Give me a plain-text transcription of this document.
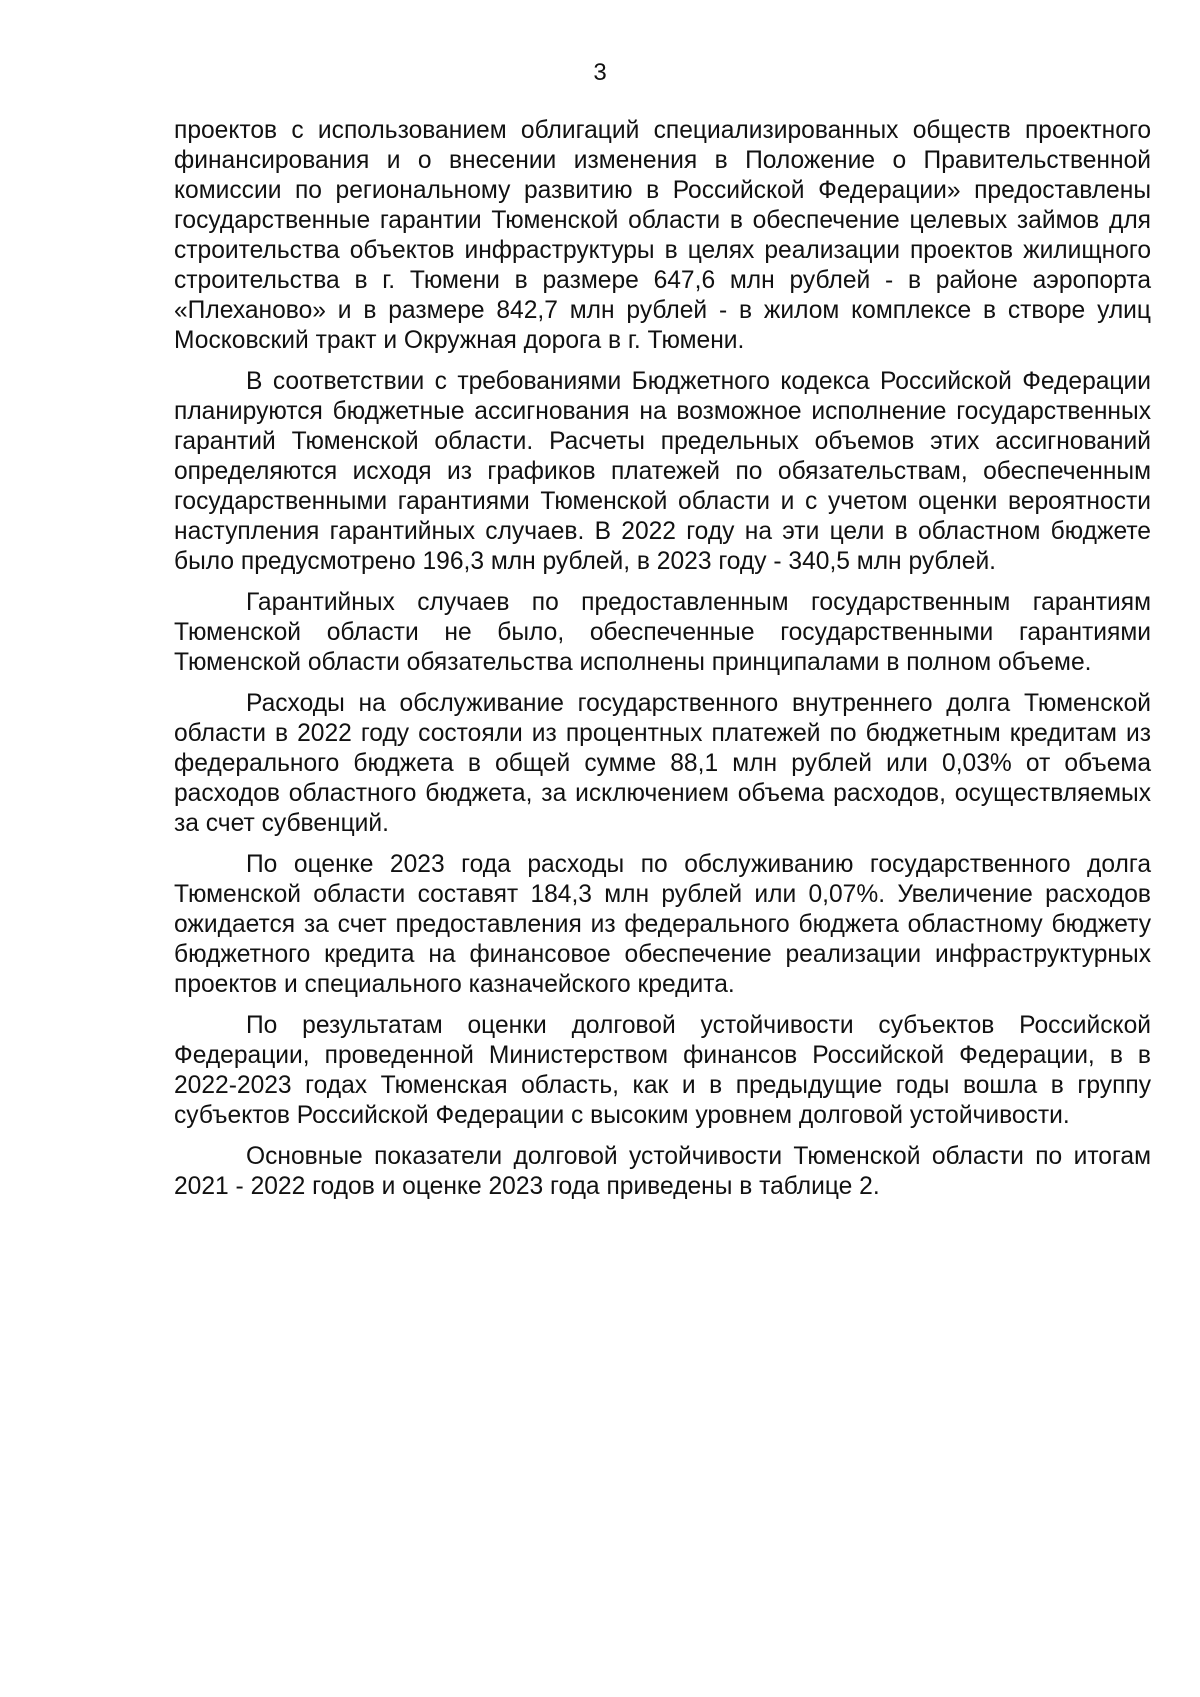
3

проектов с использованием облигаций специализированных обществ проектного финансирования и о внесении изменения в Положение о Правительственной комиссии по региональному развитию в Российской Федерации» предоставлены государственные гарантии Тюменской области в обеспечение целевых займов для строительства объектов инфраструктуры в целях реализации проектов жилищного строительства в г. Тюмени в размере 647,6 млн рублей - в районе аэропорта «Плеханово» и в размере 842,7 млн рублей - в жилом комплексе в створе улиц Московский тракт и Окружная дорога в г. Тюмени.

В соответствии с требованиями Бюджетного кодекса Российской Федерации планируются бюджетные ассигнования на возможное исполнение государственных гарантий Тюменской области. Расчеты предельных объемов этих ассигнований определяются исходя из графиков платежей по обязательствам, обеспеченным государственными гарантиями Тюменской области и с учетом оценки вероятности наступления гарантийных случаев. В 2022 году на эти цели в областном бюджете было предусмотрено 196,3 млн рублей, в 2023 году - 340,5 млн рублей.

Гарантийных случаев по предоставленным государственным гарантиям Тюменской области не было, обеспеченные государственными гарантиями Тюменской области обязательства исполнены принципалами в полном объеме.

Расходы на обслуживание государственного внутреннего долга Тюменской области в 2022 году состояли из процентных платежей по бюджетным кредитам из федерального бюджета в общей сумме 88,1 млн рублей или 0,03% от объема расходов областного бюджета, за исключением объема расходов, осуществляемых за счет субвенций.

По оценке 2023 года расходы по обслуживанию государственного долга Тюменской области составят 184,3 млн рублей или 0,07%. Увеличение расходов ожидается за счет предоставления из федерального бюджета областному бюджету бюджетного кредита на финансовое обеспечение реализации инфраструктурных проектов и специального казначейского кредита.

По результатам оценки долговой устойчивости субъектов Российской Федерации, проведенной Министерством финансов Российской Федерации, в в 2022-2023 годах Тюменская область, как и в предыдущие годы вошла в группу субъектов Российской Федерации с высоким уровнем долговой устойчивости.

Основные показатели долговой устойчивости Тюменской области по итогам 2021 - 2022 годов и оценке 2023 года приведены в таблице 2.
